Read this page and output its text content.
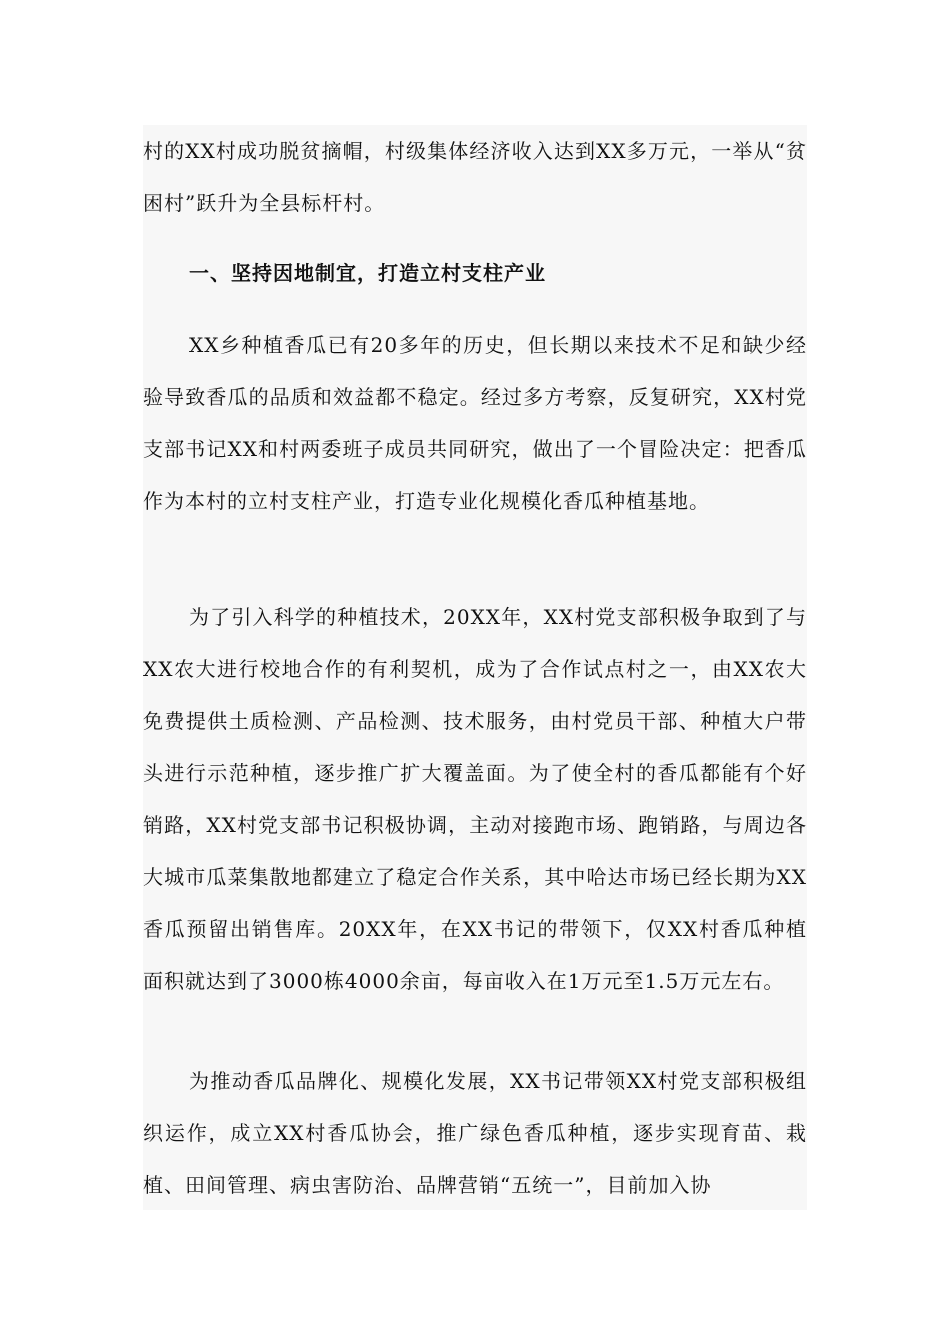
村的XX村成功脱贫摘帽，村级集体经济收入达到XX多万元，一举从“贫困村”跃升为全县标杆村。

一、坚持因地制宜，打造立村支柱产业

XX乡种植香瓜已有20多年的历史，但长期以来技术不足和缺少经验导致香瓜的品质和效益都不稳定。经过多方考察，反复研究，XX村党支部书记XX和村两委班子成员共同研究，做出了一个冒险决定：把香瓜作为本村的立村支柱产业，打造专业化规模化香瓜种植基地。

为了引入科学的种植技术，20XX年，XX村党支部积极争取到了与XX农大进行校地合作的有利契机，成为了合作试点村之一，由XX农大免费提供土质检测、产品检测、技术服务，由村党员干部、种植大户带头进行示范种植，逐步推广扩大覆盖面。为了使全村的香瓜都能有个好销路，XX村党支部书记积极协调，主动对接跑市场、跑销路，与周边各大城市瓜菜集散地都建立了稳定合作关系，其中哈达市场已经长期为XX香瓜预留出销售库。20XX年，在XX书记的带领下，仅XX村香瓜种植面积就达到了3000栋4000余亩，每亩收入在1万元至1.5万元左右。

为推动香瓜品牌化、规模化发展，XX书记带领XX村党支部积极组织运作，成立XX村香瓜协会，推广绿色香瓜种植，逐步实现育苗、栽植、田间管理、病虫害防治、品牌营销“五统一”，目前加入协
